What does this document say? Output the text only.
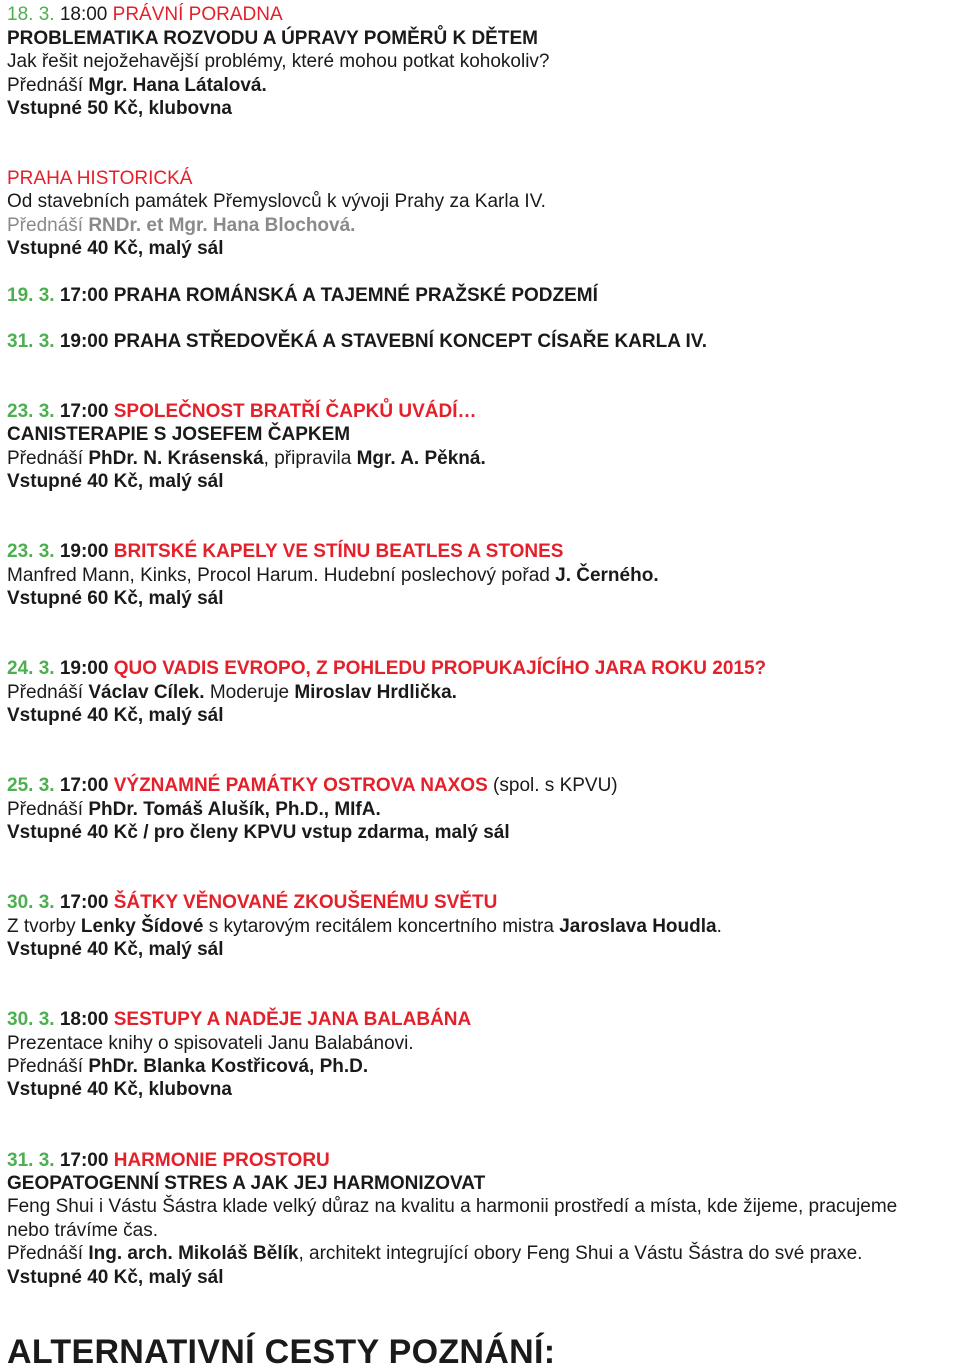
18. 3. 18:00 PRÁVNÍ PORADNA
PROBLEMATIKA ROZVODU A ÚPRAVY POMĚRŮ K DĚTEM
Jak řešit nejožehavější problémy, které mohou potkat kohokoliv?
Přednáší Mgr. Hana Látalová.
Vstupné 50 Kč, klubovna
PRAHA HISTORICKÁ
Od stavebních památek Přemyslovců k vývoji Prahy za Karla IV.
Přednáší RNDr. et Mgr. Hana Blochová.
Vstupné 40 Kč, malý sál
19. 3. 17:00 PRAHA ROMÁNSKÁ A TAJEMNÉ PRAŽSKÉ PODZEMÍ
31. 3. 19:00 PRAHA STŘEDOVĚKÁ A STAVEBNÍ KONCEPT CÍSAŘE KARLA IV.
23. 3. 17:00 SPOLEČNOST BRATŘÍ ČAPKŮ UVÁDÍ…
CANISTERAPIE S JOSEFEM ČAPKEM
Přednáší PhDr. N. Krásenská, připravila Mgr. A. Pěkná.
Vstupné 40 Kč, malý sál
23. 3. 19:00 BRITSKÉ KAPELY VE STÍNU BEATLES A STONES
Manfred Mann, Kinks, Procol Harum. Hudební poslechový pořad J. Černého.
Vstupné 60 Kč, malý sál
24. 3. 19:00 QUO VADIS EVROPO, Z POHLEDU PROPUKAJÍCÍHO JARA ROKU 2015?
Přednáší Václav Cílek. Moderuje Miroslav Hrdlička.
Vstupné 40 Kč, malý sál
25. 3. 17:00 VÝZNAMNÉ PAMÁTKY OSTROVA NAXOS (spol. s KPVU)
Přednáší PhDr. Tomáš Alušík, Ph.D., MIfA.
Vstupné 40 Kč / pro členy KPVU vstup zdarma, malý sál
30. 3. 17:00 ŠÁTKY VĚNOVANÉ ZKOUŠENÉMU SVĚTU
Z tvorby Lenky Šídové s kytarovým recitálem koncertního mistra Jaroslava Houdla.
Vstupné 40 Kč, malý sál
30. 3. 18:00 SESTUPY A NADĚJE JANA BALABÁNA
Prezentace knihy o spisovateli Janu Balabánovi.
Přednáší PhDr. Blanka Kostřicová, Ph.D.
Vstupné 40 Kč, klubovna
31. 3. 17:00 HARMONIE PROSTORU
GEOPATOGENNÍ STRES A JAK JEJ HARMONIZOVAT
Feng Shui i Vástu Šástra klade velký důraz na kvalitu a harmonii prostředí a místa, kde žijeme, pracujeme
nebo trávíme čas.
Přednáší Ing. arch. Mikoláš Bělík, architekt integrující obory Feng Shui a Vástu Šástra do své praxe.
Vstupné 40 Kč, malý sál
ALTERNATIVNÍ CESTY POZNÁNÍ:
